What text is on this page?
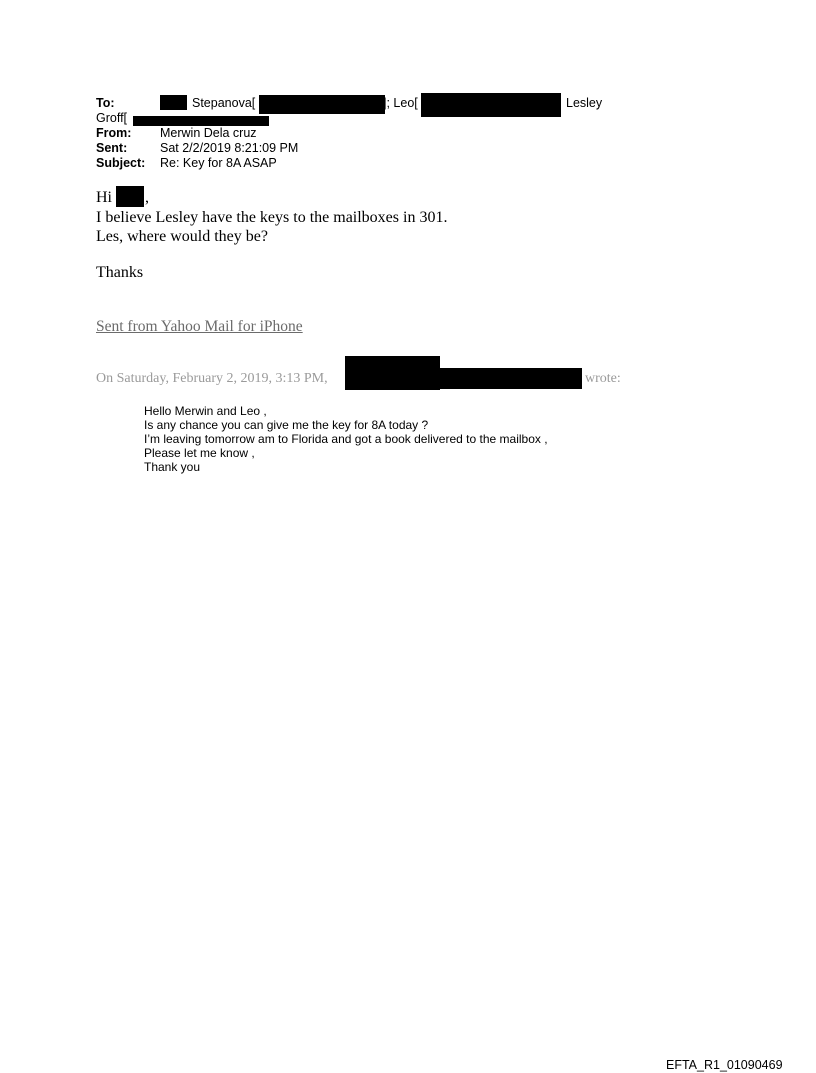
To:	Stepanova[	]; Leo[	Lesley
Groff[
From: Merwin Dela cruz
Sent:	Sat 2/2/2019 8:21:09 PM
Subject: Re: Key for 8A ASAP
Hi ,
I believe Lesley have the keys to the mailboxes in 301.
Les, where would they be?
Thanks
Sent from Yahoo Mail for iPhone
On Saturday, February 2, 2019, 3:13 PM,	wrote:
Hello Merwin and Leo ,
Is any chance you can give me the key for 8A today ?
I’m leaving tomorrow am to Florida and got a book delivered to the mailbox ,
Please let me know ,
Thank you
EFTA_R1_01090469
